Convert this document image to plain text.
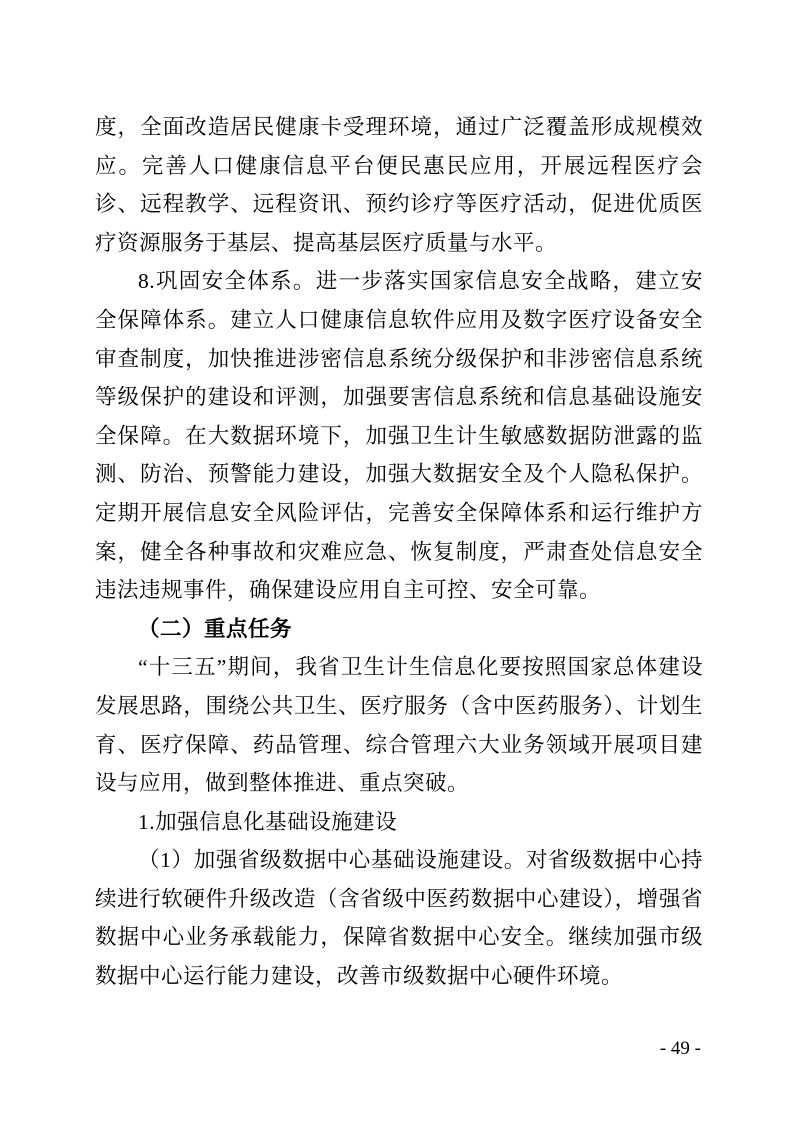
度，全面改造居民健康卡受理环境，通过广泛覆盖形成规模效应。完善人口健康信息平台便民惠民应用，开展远程医疗会诊、远程教学、远程资讯、预约诊疗等医疗活动，促进优质医疗资源服务于基层、提高基层医疗质量与水平。

8.巩固安全体系。进一步落实国家信息安全战略，建立安全保障体系。建立人口健康信息软件应用及数字医疗设备安全审查制度，加快推进涉密信息系统分级保护和非涉密信息系统等级保护的建设和评测，加强要害信息系统和信息基础设施安全保障。在大数据环境下，加强卫生计生敏感数据防泄露的监测、防治、预警能力建设，加强大数据安全及个人隐私保护。定期开展信息安全风险评估，完善安全保障体系和运行维护方案，健全各种事故和灾难应急、恢复制度，严肃查处信息安全违法违规事件，确保建设应用自主可控、安全可靠。

（二）重点任务

“十三五”期间，我省卫生计生信息化要按照国家总体建设发展思路，围绕公共卫生、医疗服务（含中医药服务）、计划生育、医疗保障、药品管理、综合管理六大业务领域开展项目建设与应用，做到整体推进、重点突破。

1.加强信息化基础设施建设

（1）加强省级数据中心基础设施建设。对省级数据中心持续进行软硬件升级改造（含省级中医药数据中心建设），增强省数据中心业务承载能力，保障省数据中心安全。继续加强市级数据中心运行能力建设，改善市级数据中心硬件环境。

- 49 -
